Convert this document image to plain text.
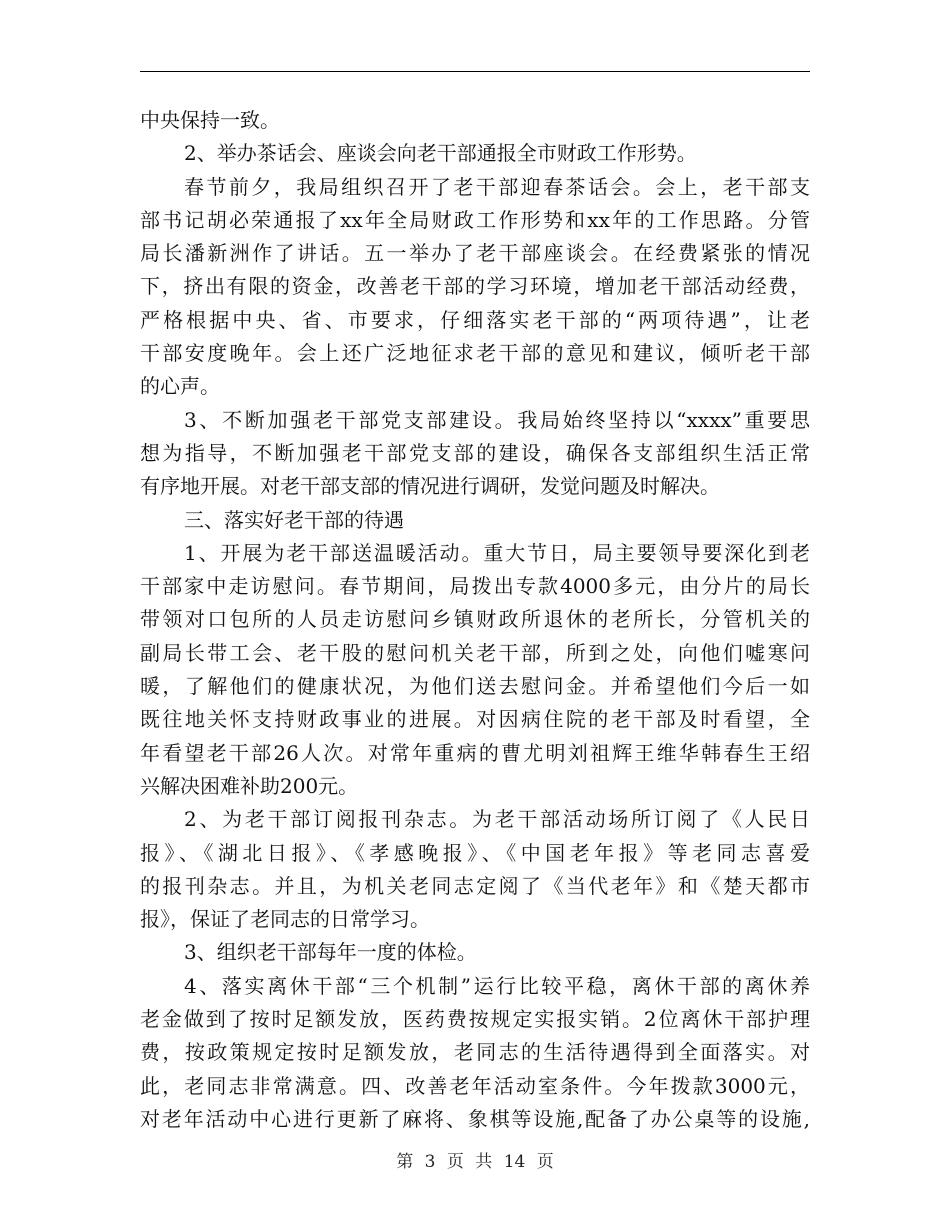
中央保持一致。
2、举办茶话会、座谈会向老干部通报全市财政工作形势。
春节前夕，我局组织召开了老干部迎春茶话会。会上，老干部支
部书记胡必荣通报了xx年全局财政工作形势和xx年的工作思路。分管
局长潘新洲作了讲话。五一举办了老干部座谈会。在经费紧张的情况
下，挤出有限的资金，改善老干部的学习环境，增加老干部活动经费，
严格根据中央、省、市要求，仔细落实老干部的“两项待遇”，让老
干部安度晚年。会上还广泛地征求老干部的意见和建议，倾听老干部
的心声。
3、不断加强老干部党支部建设。我局始终坚持以“xxxx”重要思
想为指导，不断加强老干部党支部的建设，确保各支部组织生活正常
有序地开展。对老干部支部的情况进行调研，发觉问题及时解决。
三、落实好老干部的待遇
1、开展为老干部送温暖活动。重大节日，局主要领导要深化到老
干部家中走访慰问。春节期间，局拨出专款4000多元，由分片的局长
带领对口包所的人员走访慰问乡镇财政所退休的老所长，分管机关的
副局长带工会、老干股的慰问机关老干部，所到之处，向他们嘘寒问
暖，了解他们的健康状况，为他们送去慰问金。并希望他们今后一如
既往地关怀支持财政事业的进展。对因病住院的老干部及时看望，全
年看望老干部26人次。对常年重病的曹尤明刘祖辉王维华韩春生王绍
兴解决困难补助200元。
2、为老干部订阅报刊杂志。为老干部活动场所订阅了《人民日
报》、《湖北日报》、《孝感晚报》、《中国老年报》等老同志喜爱
的报刊杂志。并且，为机关老同志定阅了《当代老年》和《楚天都市
报》，保证了老同志的日常学习。
3、组织老干部每年一度的体检。
4、落实离休干部“三个机制”运行比较平稳，离休干部的离休养
老金做到了按时足额发放，医药费按规定实报实销。2位离休干部护理
费，按政策规定按时足额发放，老同志的生活待遇得到全面落实。对
此，老同志非常满意。四、改善老年活动室条件。今年拨款3000元，
对老年活动中心进行更新了麻将、象棋等设施,配备了办公桌等的设施,
第 3 页 共 14 页
